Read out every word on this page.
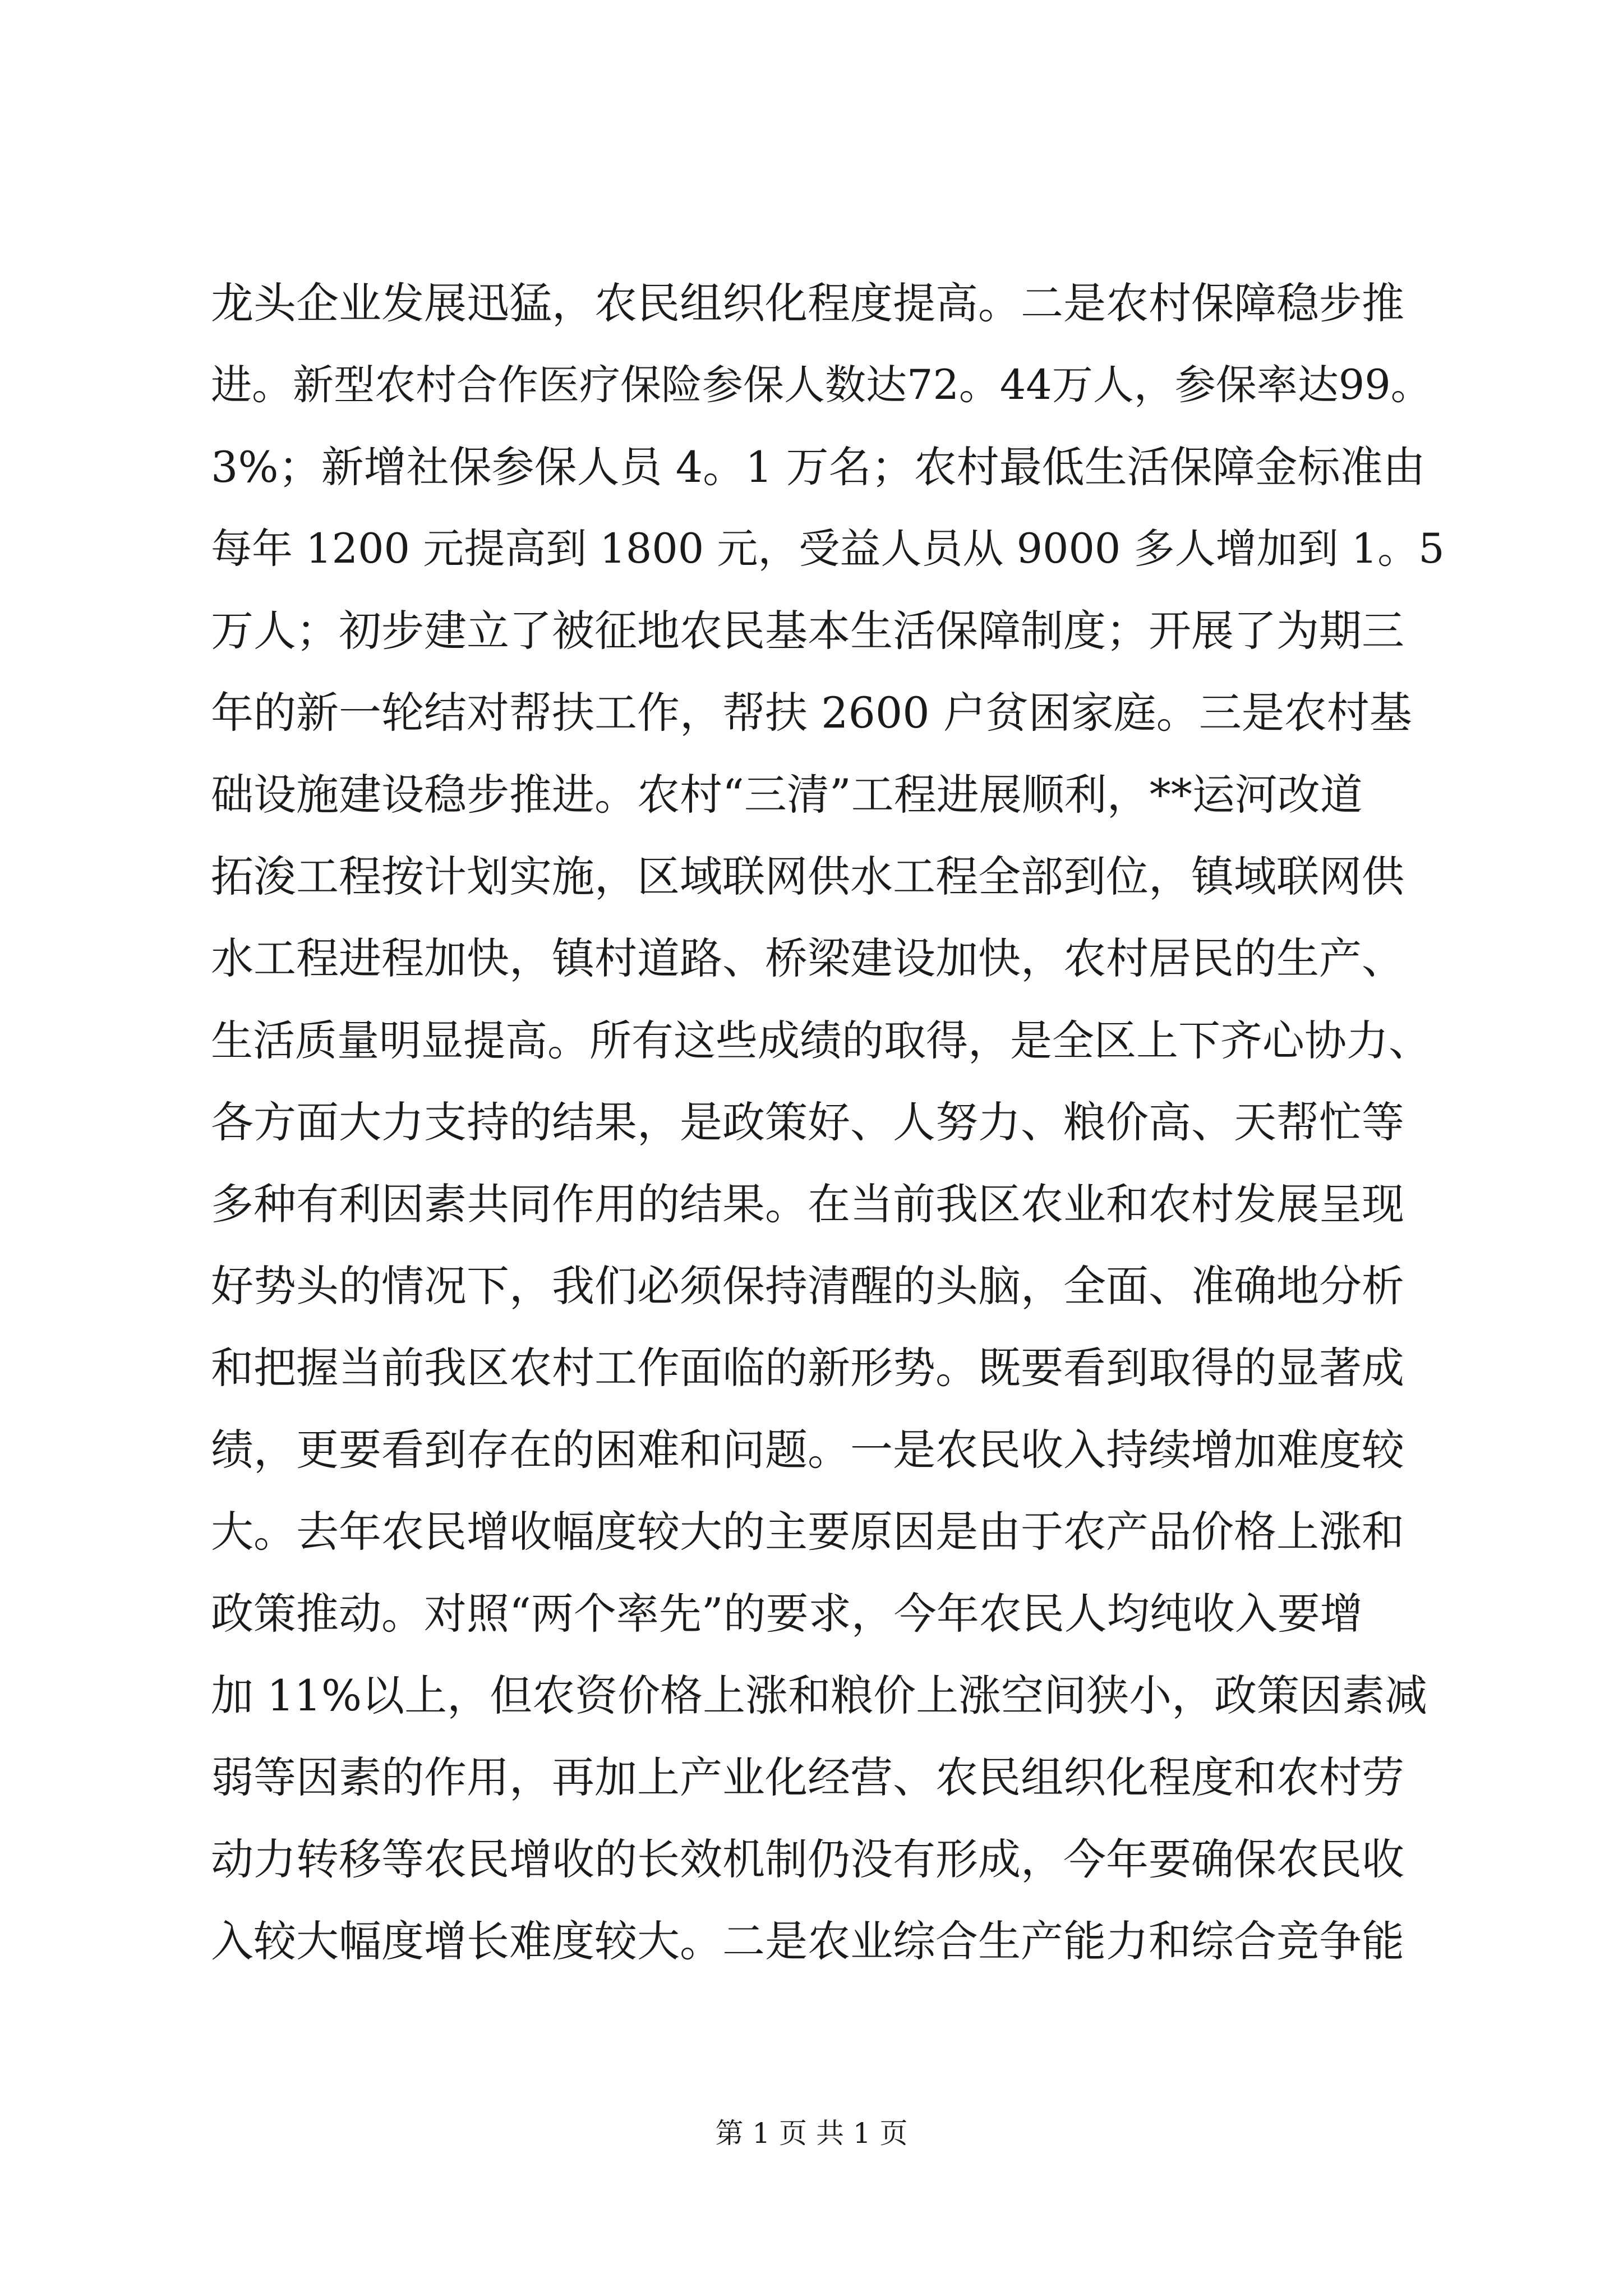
龙头企业发展迅猛，农民组织化程度提高。二是农村保障稳步推
进。新型农村合作医疗保险参保人数达72。44万人，参保率达99。
3%；新增社保参保人员 4。1 万名；农村最低生活保障金标准由
每年 1200 元提高到 1800 元，受益人员从 9000 多人增加到 1。5
万人；初步建立了被征地农民基本生活保障制度；开展了为期三
年的新一轮结对帮扶工作，帮扶 2600 户贫困家庭。三是农村基
础设施建设稳步推进。农村“三清”工程进展顺利，**运河改道
拓浚工程按计划实施，区域联网供水工程全部到位，镇域联网供
水工程进程加快，镇村道路、桥梁建设加快，农村居民的生产、
生活质量明显提高。所有这些成绩的取得，是全区上下齐心协力、
各方面大力支持的结果，是政策好、人努力、粮价高、天帮忙等
多种有利因素共同作用的结果。在当前我区农业和农村发展呈现
好势头的情况下，我们必须保持清醒的头脑，全面、准确地分析
和把握当前我区农村工作面临的新形势。既要看到取得的显著成
绩，更要看到存在的困难和问题。一是农民收入持续增加难度较
大。去年农民增收幅度较大的主要原因是由于农产品价格上涨和
政策推动。对照“两个率先”的要求，今年农民人均纯收入要增
加 11%以上，但农资价格上涨和粮价上涨空间狭小，政策因素减
弱等因素的作用，再加上产业化经营、农民组织化程度和农村劳
动力转移等农民增收的长效机制仍没有形成，今年要确保农民收
入较大幅度增长难度较大。二是农业综合生产能力和综合竞争能
第 1 页 共 1 页
